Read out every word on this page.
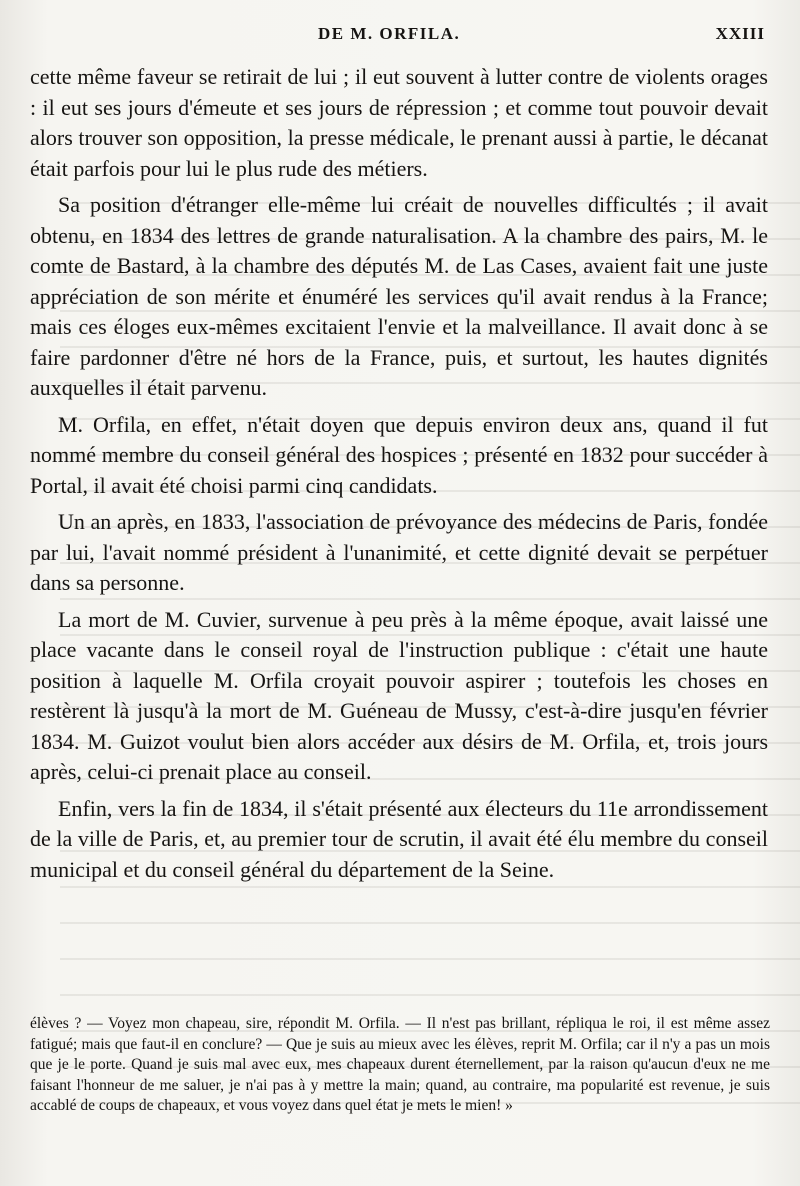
DE M. ORFILA.	XXIII

cette même faveur se retirait de lui ; il eut souvent à lutter contre de violents orages : il eut ses jours d'émeute et ses jours de répression ; et comme tout pouvoir devait alors trouver son opposition, la presse médicale, le prenant aussi à partie, le décanat était parfois pour lui le plus rude des métiers.

Sa position d'étranger elle-même lui créait de nouvelles difficultés ; il avait obtenu, en 1834 des lettres de grande naturalisation. A la chambre des pairs, M. le comte de Bastard, à la chambre des députés M. de Las Cases, avaient fait une juste appréciation de son mérite et énuméré les services qu'il avait rendus à la France; mais ces éloges eux-mêmes excitaient l'envie et la malveillance. Il avait donc à se faire pardonner d'être né hors de la France, puis, et surtout, les hautes dignités auxquelles il était parvenu.

M. Orfila, en effet, n'était doyen que depuis environ deux ans, quand il fut nommé membre du conseil général des hospices ; présenté en 1832 pour succéder à Portal, il avait été choisi parmi cinq candidats.

Un an après, en 1833, l'association de prévoyance des médecins de Paris, fondée par lui, l'avait nommé président à l'unanimité, et cette dignité devait se perpétuer dans sa personne.

La mort de M. Cuvier, survenue à peu près à la même époque, avait laissé une place vacante dans le conseil royal de l'instruction publique : c'était une haute position à laquelle M. Orfila croyait pouvoir aspirer ; toutefois les choses en restèrent là jusqu'à la mort de M. Guéneau de Mussy, c'est-à-dire jusqu'en février 1834. M. Guizot voulut bien alors accéder aux désirs de M. Orfila, et, trois jours après, celui-ci prenait place au conseil.

Enfin, vers la fin de 1834, il s'était présenté aux électeurs du 11e arrondissement de la ville de Paris, et, au premier tour de scrutin, il avait été élu membre du conseil municipal et du conseil général du département de la Seine.

élèves ? — Voyez mon chapeau, sire, répondit M. Orfila. — Il n'est pas brillant, répliqua le roi, il est même assez fatigué; mais que faut-il en conclure? — Que je suis au mieux avec les élèves, reprit M. Orfila; car il n'y a pas un mois que je le porte. Quand je suis mal avec eux, mes chapeaux durent éternellement, par la raison qu'aucun d'eux ne me faisant l'honneur de me saluer, je n'ai pas à y mettre la main; quand, au contraire, ma popularité est revenue, je suis accablé de coups de chapeaux, et vous voyez dans quel état je mets le mien! »
